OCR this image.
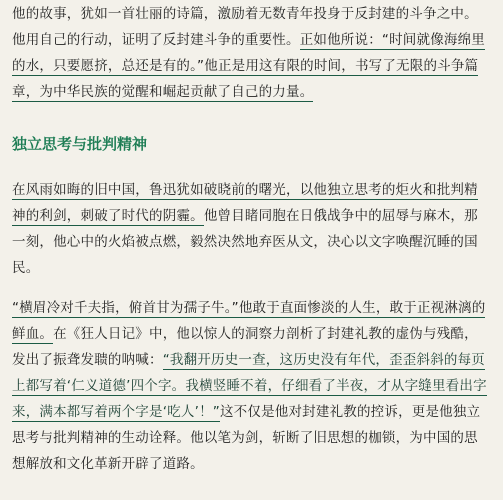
他的故事，犹如一首壮丽的诗篇，激励着无数青年投身于反封建的斗争之中。他用自己的行动，证明了反封建斗争的重要性。正如他所说：“时间就像海绵里的水，只要愿挤，总还是有的。”他正是用这有限的时间，书写了无限的斗争篇章，为中华民族的觉醒和崛起贡献了自己的力量。

独立思考与批判精神

在风雨如晦的旧中国，鲁迅犹如破晓前的曙光，以他独立思考的炬火和批判精神的利剑，刺破了时代的阴霾。他曾目睹同胞在日俄战争中的屈辱与麻木，那一刻，他心中的火焰被点燃，毅然决然地弃医从文，决心以文字唤醒沉睡的国民。

“横眉冷对千夫指，俯首甘为孺子牛。”他敢于直面惨淡的人生，敢于正视淋漓的鲜血。在《狂人日记》中，他以惊人的洞察力剖析了封建礼教的虚伪与残酷，发出了振聋发聩的呐喊：“我翻开历史一查，这历史没有年代，歪歪斜斜的每页上都写着‘仁义道德’四个字。我横竖睡不着，仔细看了半夜，才从字缝里看出字来，满本都写着两个字是‘吃人’！”这不仅是他对封建礼教的控诉，更是他独立思考与批判精神的生动诠释。他以笔为剑，斩断了旧思想的枷锁，为中国的思想解放和文化革新开辟了道路。
